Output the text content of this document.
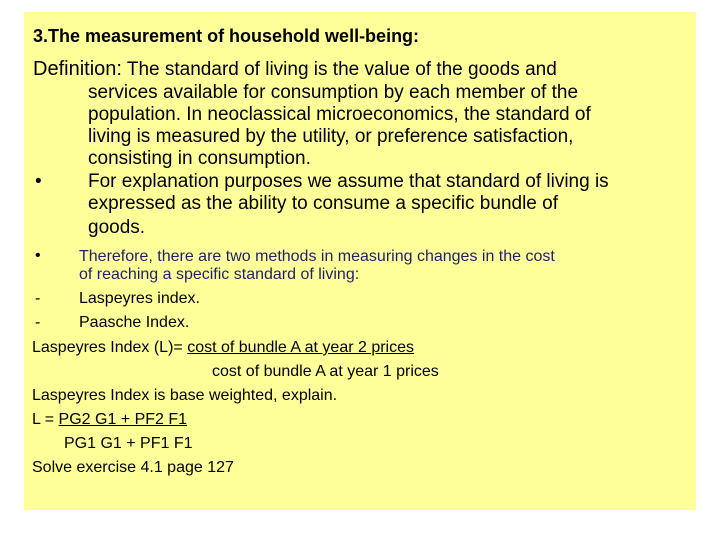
3.The measurement of household well-being:
Definition: The standard of living is the value of the goods and
services available for consumption by each member of the
population. In neoclassical microeconomics, the standard of
living is measured by the utility, or preference satisfaction,
consisting in consumption.
• For explanation purposes we assume that standard of living is
expressed as the ability to consume a specific bundle of
goods.
• Therefore, there are two methods in measuring changes in the cost
of reaching a specific standard of living:
- Laspeyres index.
- Paasche Index.
Laspeyres Index (L)= cost of bundle A at year 2 prices
cost of bundle A at year 1 prices
Laspeyres Index is base weighted, explain.
L = PG2 G1 + PF2 F1
PG1 G1 + PF1 F1
Solve exercise 4.1 page 127
